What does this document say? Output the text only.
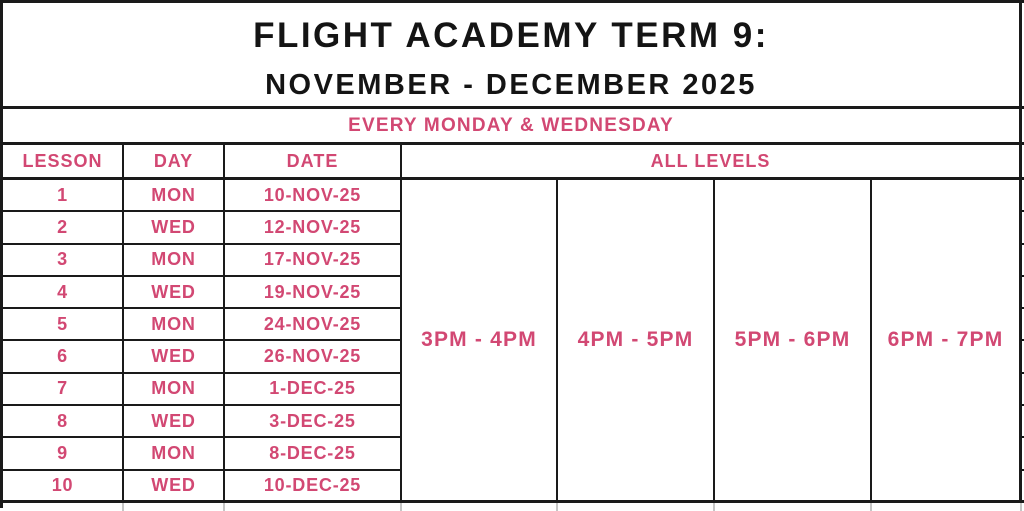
FLIGHT ACADEMY TERM 9:
NOVEMBER - DECEMBER 2025
EVERY MONDAY & WEDNESDAY
LESSON	DAY	DATE	ALL LEVELS
1	MON	10-NOV-25
3PM - 4PM	4PM - 5PM	5PM - 6PM	6PM - 7PM
2	WED	12-NOV-25
3	MON	17-NOV-25
4	WED	19-NOV-25
5	MON	24-NOV-25
6	WED	26-NOV-25
7	MON	1-DEC-25
8	WED	3-DEC-25
9	MON	8-DEC-25
10	WED	10-DEC-25
